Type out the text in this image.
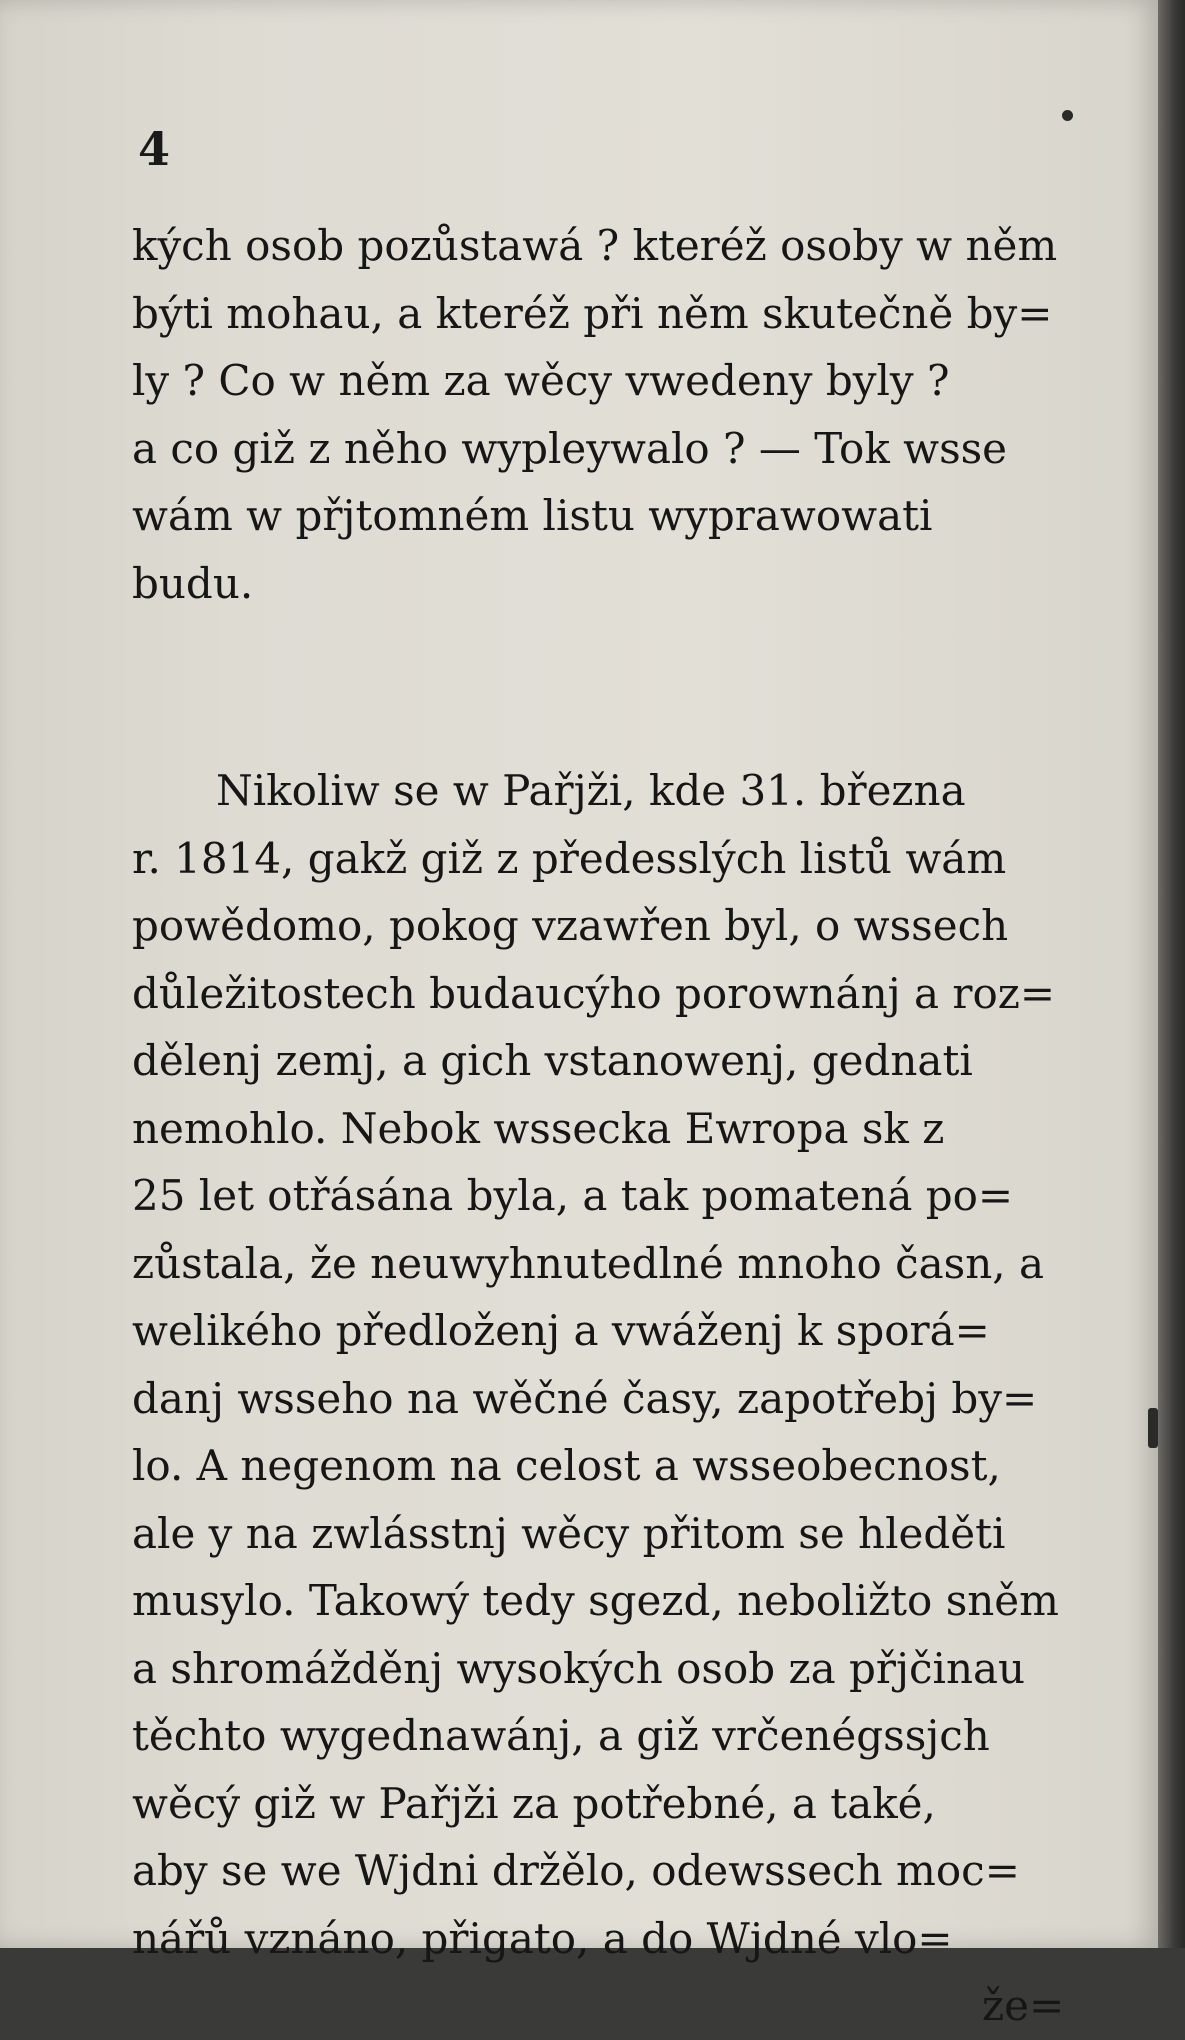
4
kých osob pozůstawá ? kteréž osoby w něm
býti mohau, a kteréž při něm skutečně by=
ly ? Co w něm za wěcy vwedeny byly ?
a co giž z něho wypleywalo ? — Tok wsse
wám w přjtomném listu wyprawowati
budu.
Nikoliw se w Pařjži, kde 31. března
r. 1814, gakž giž z předesslých listů wám
powědomo, pokog vzawřen byl, o wssech
důležitostech budaucýho porownánj a roz=
dělenj zemj, a gich vstanowenj, gednati
nemohlo. Nebok wsseckа Ewropa sk z
25 let otřásána byla, a tak pomatená po=
zůstala, že neuwyhnutedlné mnoho časn, a
welikého předloženj a vwáženj k sporá=
danj wsseho na wěčné časy, zapotřebj by=
lo. A negenom na celost a wsseobecnost,
ale y na zwlásstnj wěcy přitom se hleděti
musylo. Takowý tedy sgezd, neboližto sněm
a shromážděnj wysokých osob za přjčinau
těchto wygednawánj, a giž vrčenégssjch
wěcý giž w Pařjži za potřebné, a také,
aby se we Wjdni držělo, odewssech moc=
nářů vznáno, přigato, a do Wjdné vlo=
že=
